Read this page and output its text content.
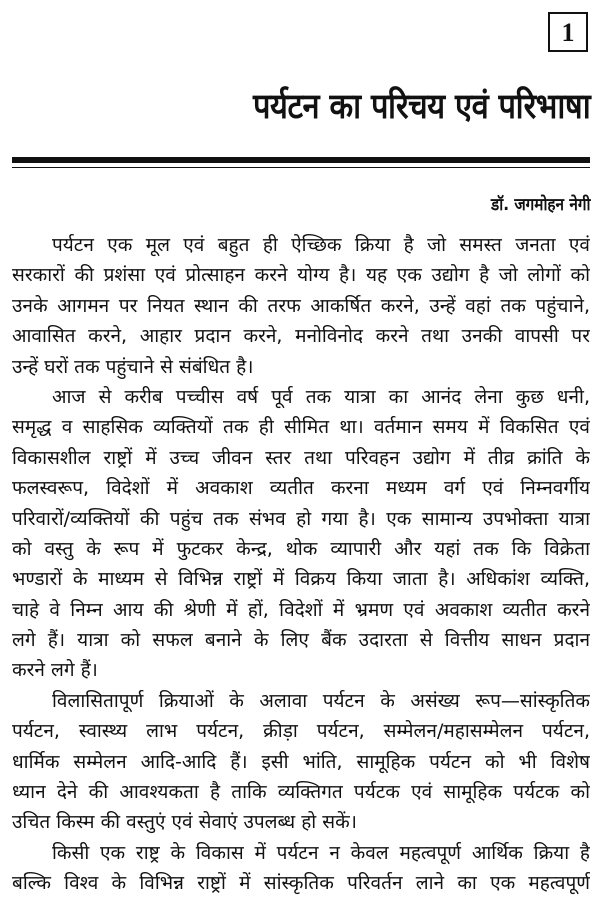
1
पर्यटन का परिचय एवं परिभाषा
डॉ. जगमोहन नेगी
पर्यटन एक मूल एवं बहुत ही ऐच्छिक क्रिया है जो समस्त जनता एवं
सरकारों की प्रशंसा एवं प्रोत्साहन करने योग्य है। यह एक उद्योग है जो लोगों को
उनके आगमन पर नियत स्थान की तरफ आकर्षित करने, उन्हें वहां तक पहुंचाने,
आवासित करने, आहार प्रदान करने, मनोविनोद करने तथा उनकी वापसी पर
उन्हें घरों तक पहुंचाने से संबंधित है।
आज से करीब पच्चीस वर्ष पूर्व तक यात्रा का आनंद लेना कुछ धनी,
समृद्ध व साहसिक व्यक्तियों तक ही सीमित था। वर्तमान समय में विकसित एवं
विकासशील राष्ट्रों में उच्च जीवन स्तर तथा परिवहन उद्योग में तीव्र क्रांति के
फलस्वरूप, विदेशों में अवकाश व्यतीत करना मध्यम वर्ग एवं निम्नवर्गीय
परिवारों/व्यक्तियों की पहुंच तक संभव हो गया है। एक सामान्य उपभोक्ता यात्रा
को वस्तु के रूप में फुटकर केन्द्र, थोक व्यापारी और यहां तक कि विक्रेता
भण्डारों के माध्यम से विभिन्न राष्ट्रों में विक्रय किया जाता है। अधिकांश व्यक्ति,
चाहे वे निम्न आय की श्रेणी में हों, विदेशों में भ्रमण एवं अवकाश व्यतीत करने
लगे हैं। यात्रा को सफल बनाने के लिए बैंक उदारता से वित्तीय साधन प्रदान
करने लगे हैं।
विलासितापूर्ण क्रियाओं के अलावा पर्यटन के असंख्य रूप—सांस्कृतिक
पर्यटन, स्वास्थ्य लाभ पर्यटन, क्रीड़ा पर्यटन, सम्मेलन/महासम्मेलन पर्यटन,
धार्मिक सम्मेलन आदि-आदि हैं। इसी भांति, सामूहिक पर्यटन को भी विशेष
ध्यान देने की आवश्यकता है ताकि व्यक्तिगत पर्यटक एवं सामूहिक पर्यटक को
उचित किस्म की वस्तुएं एवं सेवाएं उपलब्ध हो सकें।
किसी एक राष्ट्र के विकास में पर्यटन न केवल महत्वपूर्ण आर्थिक क्रिया है
बल्कि विश्व के विभिन्न राष्ट्रों में सांस्कृतिक परिवर्तन लाने का एक महत्वपूर्ण
